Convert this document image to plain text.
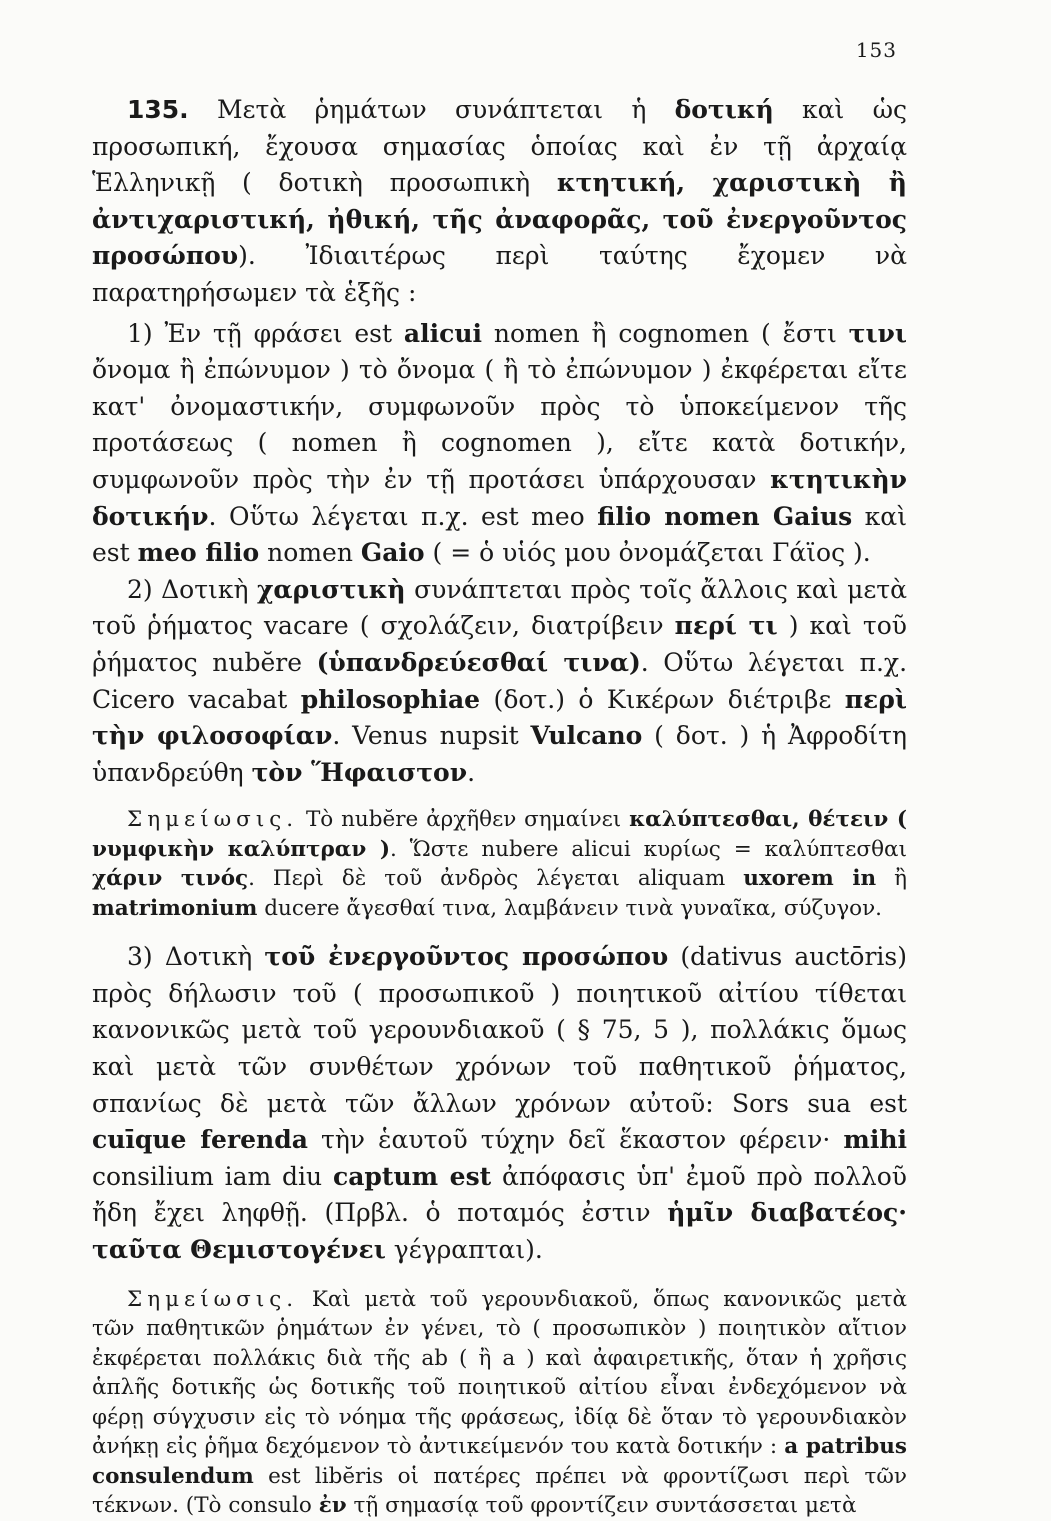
153

135. Μετὰ ῥημάτων συνάπτεται ἡ δοτική καὶ ὡς προσωπική, ἔχουσα σημασίας ὁποίας καὶ ἐν τῇ ἀρχαίᾳ Ἑλληνικῇ ( δοτικὴ προσωπικὴ κτητική, χαριστικὴ ἢ ἀντιχαριστική, ἠθική, τῆς ἀναφορᾶς, τοῦ ἐνεργοῦντος προσώπου). Ἰδιαιτέρως περὶ ταύτης ἔχομεν νὰ παρατηρήσωμεν τὰ ἑξῆς :

1) Ἐν τῇ φράσει est alicui nomen ἢ cognomen ( ἔστι τινι ὄνομα ἢ ἐπώνυμον ) τὸ ὄνομα ( ἢ τὸ ἐπώνυμον ) ἐκφέρεται εἴτε κατ' ὀνομαστικήν, συμφωνοῦν πρὸς τὸ ὑποκείμενον τῆς προτάσεως ( nomen ἢ cognomen ), εἴτε κατὰ δοτικήν, συμφωνοῦν πρὸς τὴν ἐν τῇ προτάσει ὑπάρχουσαν κτητικὴν δοτικήν. Οὕτω λέγεται π.χ. est meo filio nomen Gaius καὶ est meo filio nomen Gaio ( = ὁ υἱός μου ὀνομάζεται Γάϊος ).

2) Δοτικὴ χαριστικὴ συνάπτεται πρὸς τοῖς ἄλλοις καὶ μετὰ τοῦ ῥήματος vacare ( σχολάζειν, διατρίβειν περί τι ) καὶ τοῦ ῥήματος nubĕre (ὑπανδρεύεσθαί τινα). Οὕτω λέγεται π.χ. Cicero vacabat philosophiae (δοτ.) ὁ Κικέρων διέτριβε περὶ τὴν φιλοσοφίαν. Venus nupsit Vulcano ( δοτ. ) ἡ Ἀφροδίτη ὑπανδρεύθη τὸν Ἥφαιστον.

Σημείωσις. Τὸ nubĕre ἀρχῆθεν σημαίνει καλύπτεσθαι, θέτειν ( νυμφικὴν καλύπτραν ). Ὥστε nubere alicui κυρίως = καλύπτεσθαι χάριν τινός. Περὶ δὲ τοῦ ἀνδρὸς λέγεται aliquam uxorem in ἢ matrimonium ducere ἄγεσθαί τινα, λαμβάνειν τινὰ γυναῖκα, σύζυγον.

3) Δοτικὴ τοῦ ἐνεργοῦντος προσώπου (dativus auctōris) πρὸς δήλωσιν τοῦ ( προσωπικοῦ ) ποιητικοῦ αἰτίου τίθεται κανονικῶς μετὰ τοῦ γερουνδιακοῦ ( § 75, 5 ), πολλάκις ὅμως καὶ μετὰ τῶν συνθέτων χρόνων τοῦ παθητικοῦ ῥήματος, σπανίως δὲ μετὰ τῶν ἄλλων χρόνων αὐτοῦ: Sors sua est cuīque ferenda τὴν ἑαυτοῦ τύχην δεῖ ἕκαστον φέρειν· mihi consilium iam diu captum est ἀπόφασις ὑπ' ἐμοῦ πρὸ πολλοῦ ἤδη ἔχει ληφθῇ. (Πρβλ. ὁ ποταμός ἐστιν ἡμῖν διαβατέος· ταῦτα Θεμιστογένει γέγραπται).

Σημείωσις. Καὶ μετὰ τοῦ γερουνδιακοῦ, ὅπως κανονικῶς μετὰ τῶν παθητικῶν ῥημάτων ἐν γένει, τὸ ( προσωπικὸν ) ποιητικὸν αἴτιον ἐκφέρεται πολλάκις διὰ τῆς ab ( ἢ a ) καὶ ἀφαιρετικῆς, ὅταν ἡ χρῆσις ἁπλῆς δοτικῆς ὡς δοτικῆς τοῦ ποιητικοῦ αἰτίου εἶναι ἐνδεχόμενον νὰ φέρῃ σύγχυσιν εἰς τὸ νόημα τῆς φράσεως, ἰδίᾳ δὲ ὅταν τὸ γερουνδιακὸν ἀνήκῃ εἰς ῥῆμα δεχόμενον τὸ ἀντικείμενόν του κατὰ δοτικήν : a patribus consulendum est libĕris οἱ πατέρες πρέπει νὰ φροντίζωσι περὶ τῶν τέκνων. (Τὸ consulo ἐν τῇ σημασίᾳ τοῦ φροντίζειν συντάσσεται μετὰ
